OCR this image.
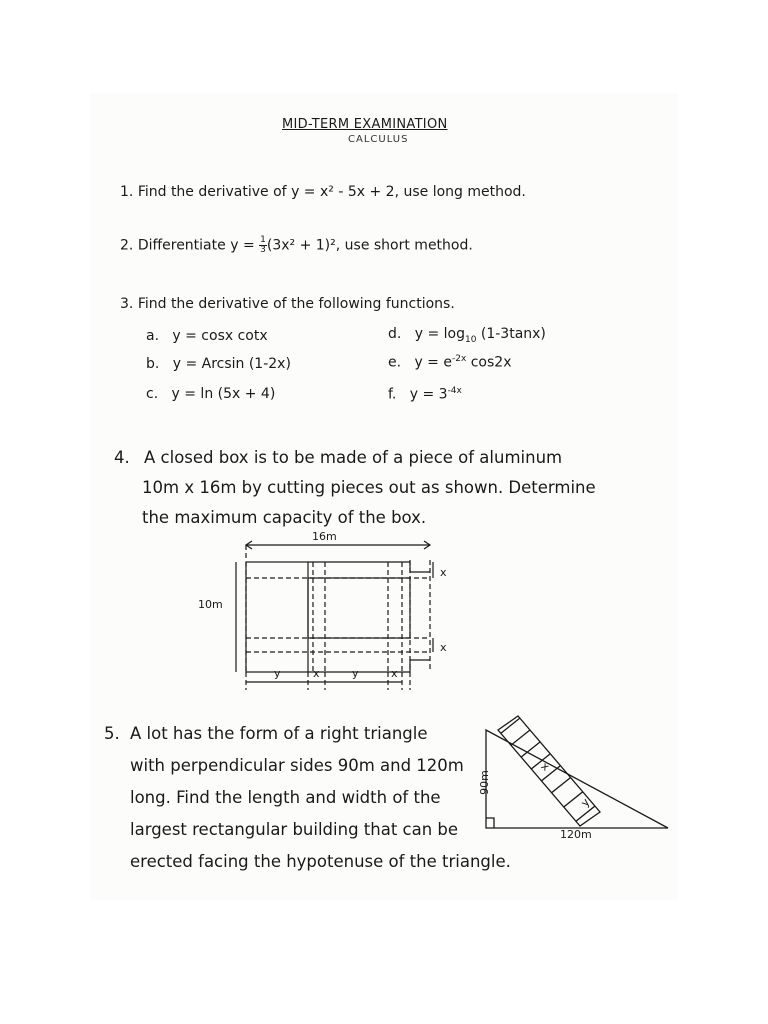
MID-TERM EXAMINATION
CALCULUS
1. Find the derivative of y = x² - 5x + 2, use long method.
2. Differentiate $y = \frac{1}{3} (3x^2 + 1)^2$, use short method.
3. Find the derivative of the following functions.
a. y = cosx cotx
b. y = Arcsin (1-2x)
c. y = ln (5x + 4)
d. $y = \log_{10} (1-3\tan x)$
e. $y = e^{-2x}$ cos2x
f. $y = 3^{-4x}$
4. A closed box is to be made of a piece of aluminum
10m x 16m by cutting pieces out as shown. Determine
the maximum capacity of the box.
16m
10m
x
x
y	x	y	x
5. A lot has the form of a right triangle
with perpendicular sides 90m and 120m
long. Find the length and width of the
largest rectangular building that can be
erected facing the hypotenuse of the triangle.
90m
120m
x
y
